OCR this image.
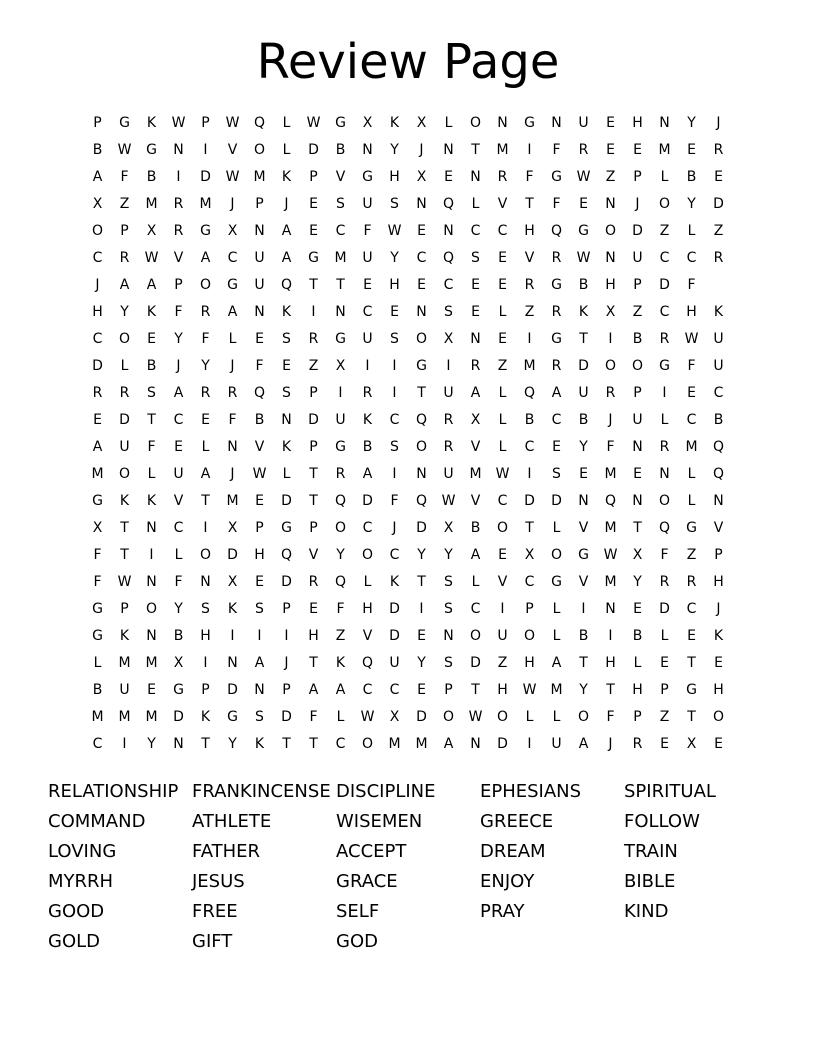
Review Page
P	G	K	W	P	W	Q	L	W	G	X	K	X	L	O	N	G	N	U	E	H	N	Y	J
B	W	G	N	I	V	O	L	D	B	N	Y	J	N	T	M	I	F	R	E	E	M	E	R
A	F	B	I	D	W	M	K	P	V	G	H	X	E	N	R	F	G	W	Z	P	L	B	E
X	Z	M	R	M	J	P	J	E	S	U	S	N	Q	L	V	T	F	E	N	J	O	Y	D
O	P	X	R	G	X	N	A	E	C	F	W	E	N	C	C	H	Q	G	O	D	Z	L	Z
C	R	W	V	A	C	U	A	G	M	U	Y	C	Q	S	E	V	R	W	N	U	C	C	R
J	A	A	P	O	G	U	Q	T	T	E	H	E	C	E	E	R	G	B	H	P	D	F
H	Y	K	F	R	A	N	K	I	N	C	E	N	S	E	L	Z	R	K	X	Z	C	H	K
C	O	E	Y	F	L	E	S	R	G	U	S	O	X	N	E	I	G	T	I	B	R	W	U
D	L	B	J	Y	J	F	E	Z	X	I	I	G	I	R	Z	M	R	D	O	O	G	F	U
R	R	S	A	R	R	Q	S	P	I	R	I	T	U	A	L	Q	A	U	R	P	I	E	C
E	D	T	C	E	F	B	N	D	U	K	C	Q	R	X	L	B	C	B	J	U	L	C	B
A	U	F	E	L	N	V	K	P	G	B	S	O	R	V	L	C	E	Y	F	N	R	M	Q
M	O	L	U	A	J	W	L	T	R	A	I	N	U	M	W	I	S	E	M	E	N	L	Q
G	K	K	V	T	M	E	D	T	Q	D	F	Q	W	V	C	D	D	N	Q	N	O	L	N
X	T	N	C	I	X	P	G	P	O	C	J	D	X	B	O	T	L	V	M	T	Q	G	V
F	T	I	L	O	D	H	Q	V	Y	O	C	Y	Y	A	E	X	O	G	W	X	F	Z	P
F	W	N	F	N	X	E	D	R	Q	L	K	T	S	L	V	C	G	V	M	Y	R	R	H
G	P	O	Y	S	K	S	P	E	F	H	D	I	S	C	I	P	L	I	N	E	D	C	J
G	K	N	B	H	I	I	I	H	Z	V	D	E	N	O	U	O	L	B	I	B	L	E	K
L	M	M	X	I	N	A	J	T	K	Q	U	Y	S	D	Z	H	A	T	H	L	E	T	E
B	U	E	G	P	D	N	P	A	A	C	C	E	P	T	H	W	M	Y	T	H	P	G	H
M	M	M	D	K	G	S	D	F	L	W	X	D	O	W	O	L	L	O	F	P	Z	T	O
C	I	Y	N	T	Y	K	T	T	C	O	M	M	A	N	D	I	U	A	J	R	E	X	E
RELATIONSHIP FRANKINCENSE DISCIPLINE	EPHESIANS	SPIRITUAL
COMMAND	ATHLETE	WISEMEN	GREECE	FOLLOW
LOVING	FATHER	ACCEPT	DREAM	TRAIN
MYRRH	JESUS	GRACE	ENJOY	BIBLE
GOOD	FREE	SELF	PRAY	KIND
GOLD	GIFT	GOD
